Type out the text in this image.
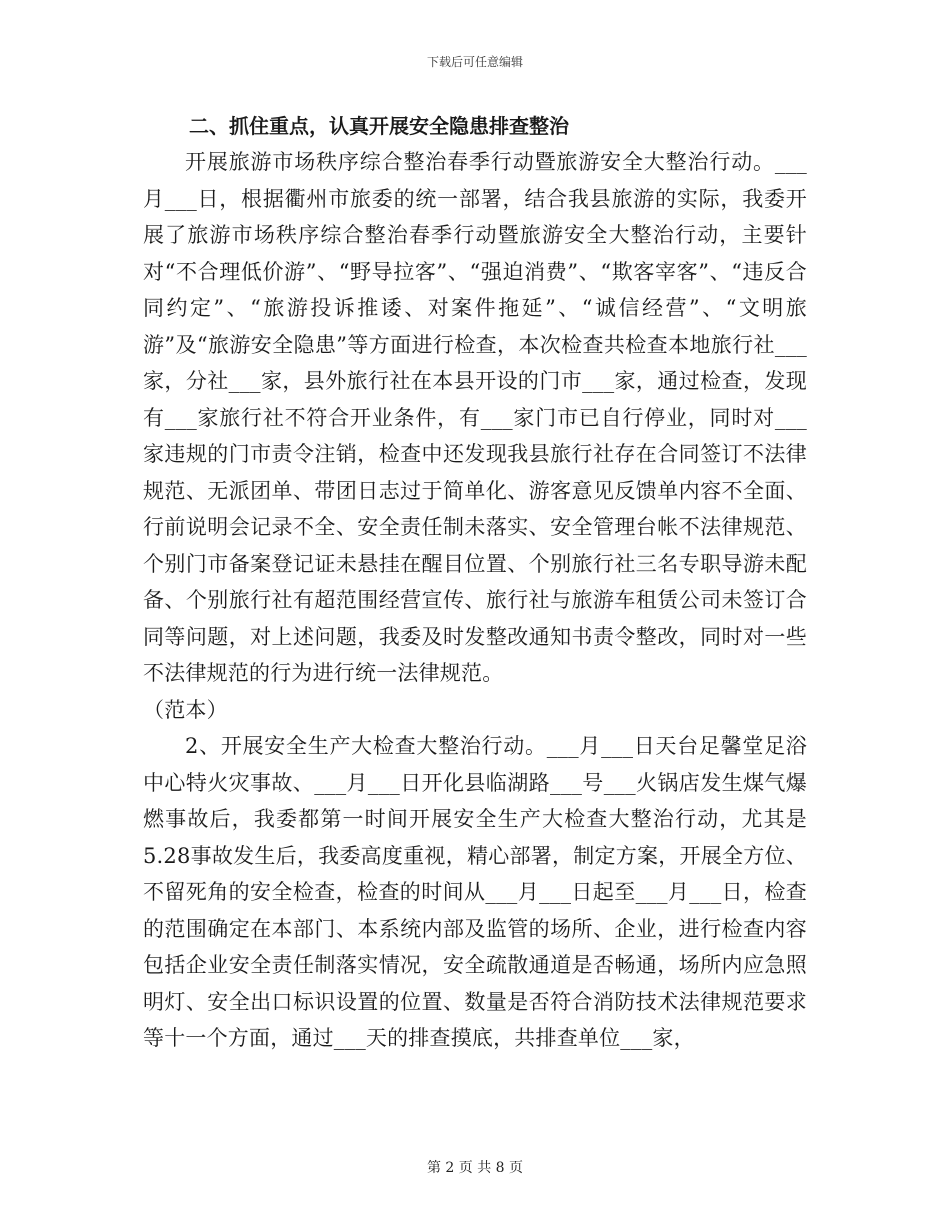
下载后可任意编辑
二、抓住重点，认真开展安全隐患排查整治

开展旅游市场秩序综合整治春季行动暨旅游安全大整治行动。___月___日，根据衢州市旅委的统一部署，结合我县旅游的实际，我委开展了旅游市场秩序综合整治春季行动暨旅游安全大整治行动，主要针对“不合理低价游”、“野导拉客”、“强迫消费”、“欺客宰客”、“违反合同约定”、“旅游投诉推诿、对案件拖延”、“诚信经营”、“文明旅游”及“旅游安全隐患”等方面进行检查，本次检查共检查本地旅行社___家，分社___家，县外旅行社在本县开设的门市___家，通过检查，发现有___家旅行社不符合开业条件，有___家门市已自行停业，同时对___家违规的门市责令注销，检查中还发现我县旅行社存在合同签订不法律规范、无派团单、带团日志过于简单化、游客意见反馈单内容不全面、行前说明会记录不全、安全责任制未落实、安全管理台帐不法律规范、个别门市备案登记证未悬挂在醒目位置、个别旅行社三名专职导游未配备、个别旅行社有超范围经营宣传、旅行社与旅游车租赁公司未签订合同等问题，对上述问题，我委及时发整改通知书责令整改，同时对一些不法律规范的行为进行统一法律规范。

（范本）

2、开展安全生产大检查大整治行动。___月___日天台足馨堂足浴中心特火灾事故、___月___日开化县临湖路___号___火锅店发生煤气爆燃事故后，我委都第一时间开展安全生产大检查大整治行动，尤其是5.28事故发生后，我委高度重视，精心部署，制定方案，开展全方位、不留死角的安全检查，检查的时间从___月___日起至___月___日，检查的范围确定在本部门、本系统内部及监管的场所、企业，进行检查内容包括企业安全责任制落实情况，安全疏散通道是否畅通，场所内应急照明灯、安全出口标识设置的位置、数量是否符合消防技术法律规范要求等十一个方面，通过___天的排查摸底，共排查单位___家，

第 2 页 共 8 页
